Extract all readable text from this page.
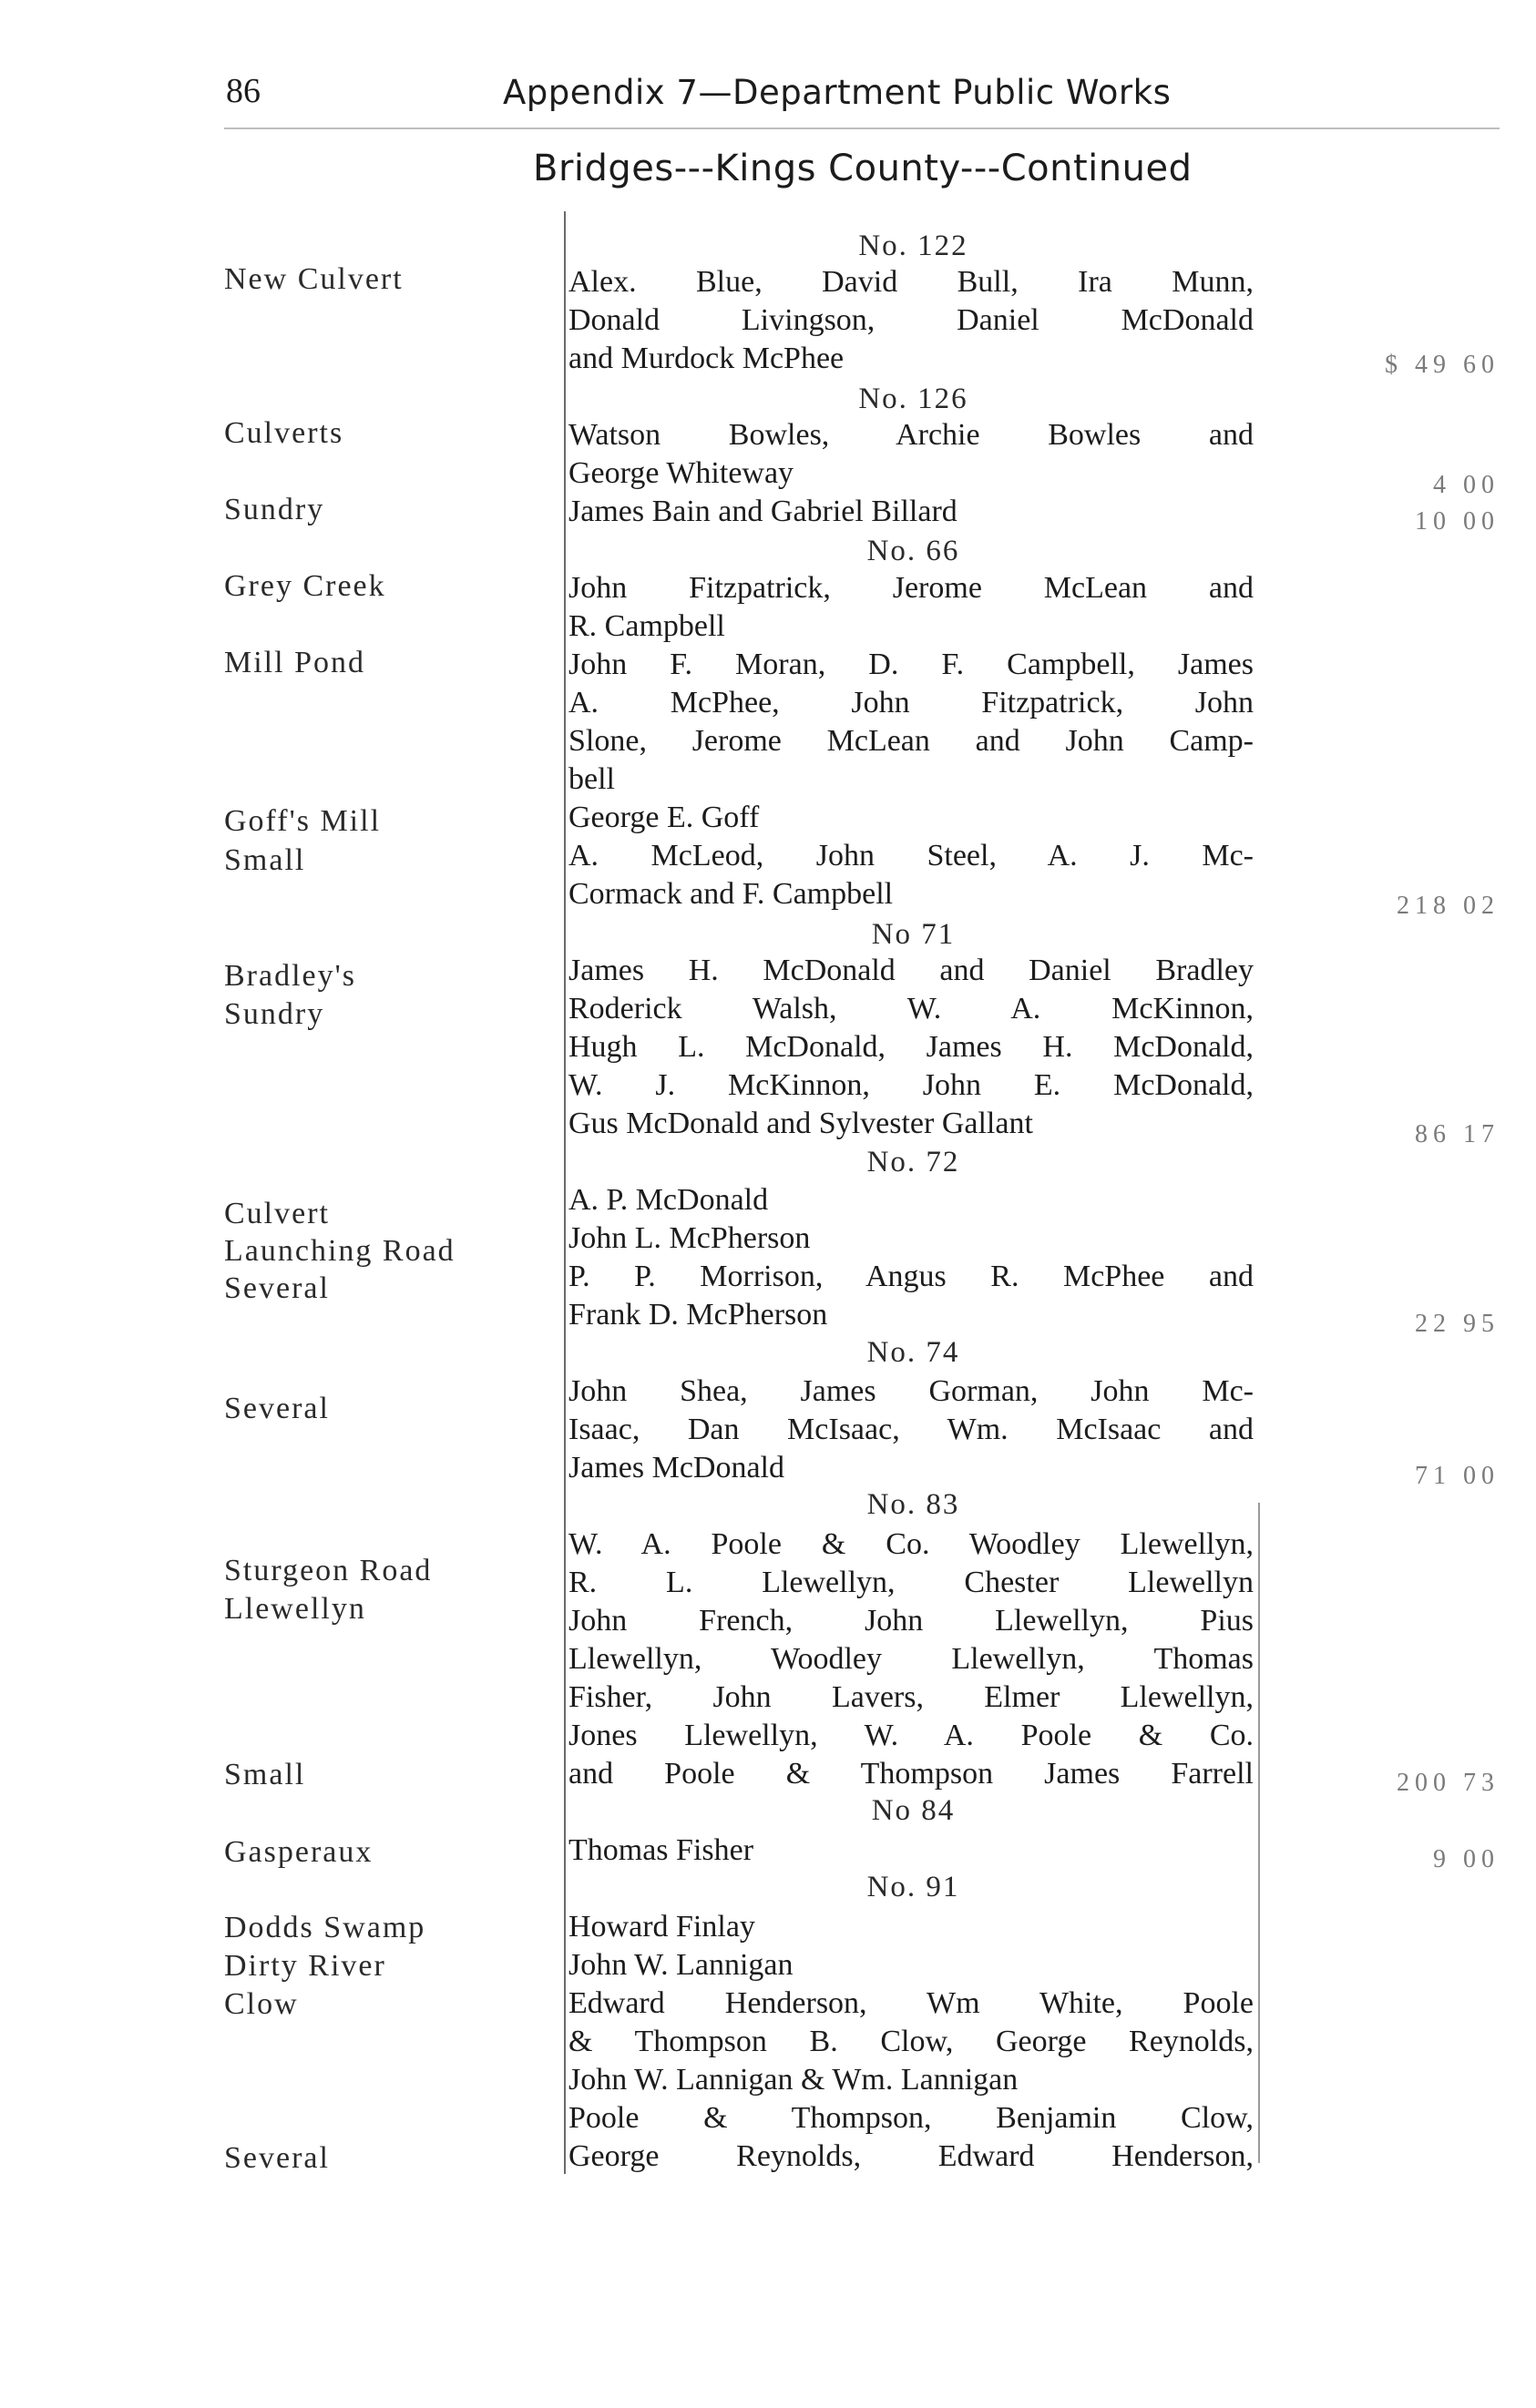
86	Appendix 7—Department Public Works
Bridges---Kings County---Continued
New Culvert
Culverts
Sundry
Grey Creek
Mill Pond
Goff's Mill
Small
Bradley's
Sundry
Culvert
Launching Road
Several
Several
Sturgeon Road
Llewellyn
Small
Gasperaux
Dodds Swamp
Dirty River
Clow
Several
No. 122
No. 126
No. 66
No 71
No. 72
No. 74
No. 83
No 84
No. 91
Alex. Blue, David Bull, Ira Munn,
Donald Livingson, Daniel McDonald
and Murdock McPhee
Watson Bowles, Archie Bowles and
George Whiteway
James Bain and Gabriel Billard
John Fitzpatrick, Jerome McLean and
R. Campbell
John F. Moran, D. F. Campbell, James
A. McPhee, John Fitzpatrick, John
Slone, Jerome McLean and John Camp-
bell
George E. Goff
A. McLeod, John Steel, A. J. Mc-
Cormack and F. Campbell
James H. McDonald and Daniel Bradley
Roderick Walsh, W. A. McKinnon,
Hugh L. McDonald, James H. McDonald,
W. J. McKinnon, John E. McDonald,
Gus McDonald and Sylvester Gallant
A. P. McDonald
John L. McPherson
P. P. Morrison, Angus R. McPhee and
Frank D. McPherson
John Shea, James Gorman, John Mc-
Isaac, Dan McIsaac, Wm. McIsaac and
James McDonald
W. A. Poole & Co. Woodley Llewellyn,
R. L. Llewellyn, Chester Llewellyn
John French, John Llewellyn, Pius
Llewellyn, Woodley Llewellyn, Thomas
Fisher, John Lavers, Elmer Llewellyn,
Jones Llewellyn, W. A. Poole & Co.
and Poole & Thompson James Farrell
Thomas Fisher
Howard Finlay
John W. Lannigan
Edward Henderson, Wm White, Poole
& Thompson B. Clow, George Reynolds,
John W. Lannigan & Wm. Lannigan
Poole & Thompson, Benjamin Clow,
George Reynolds, Edward Henderson,
$ 49 60
4 00
10 00
218 02
86 17
22 95
71 00
200 73
9 00
